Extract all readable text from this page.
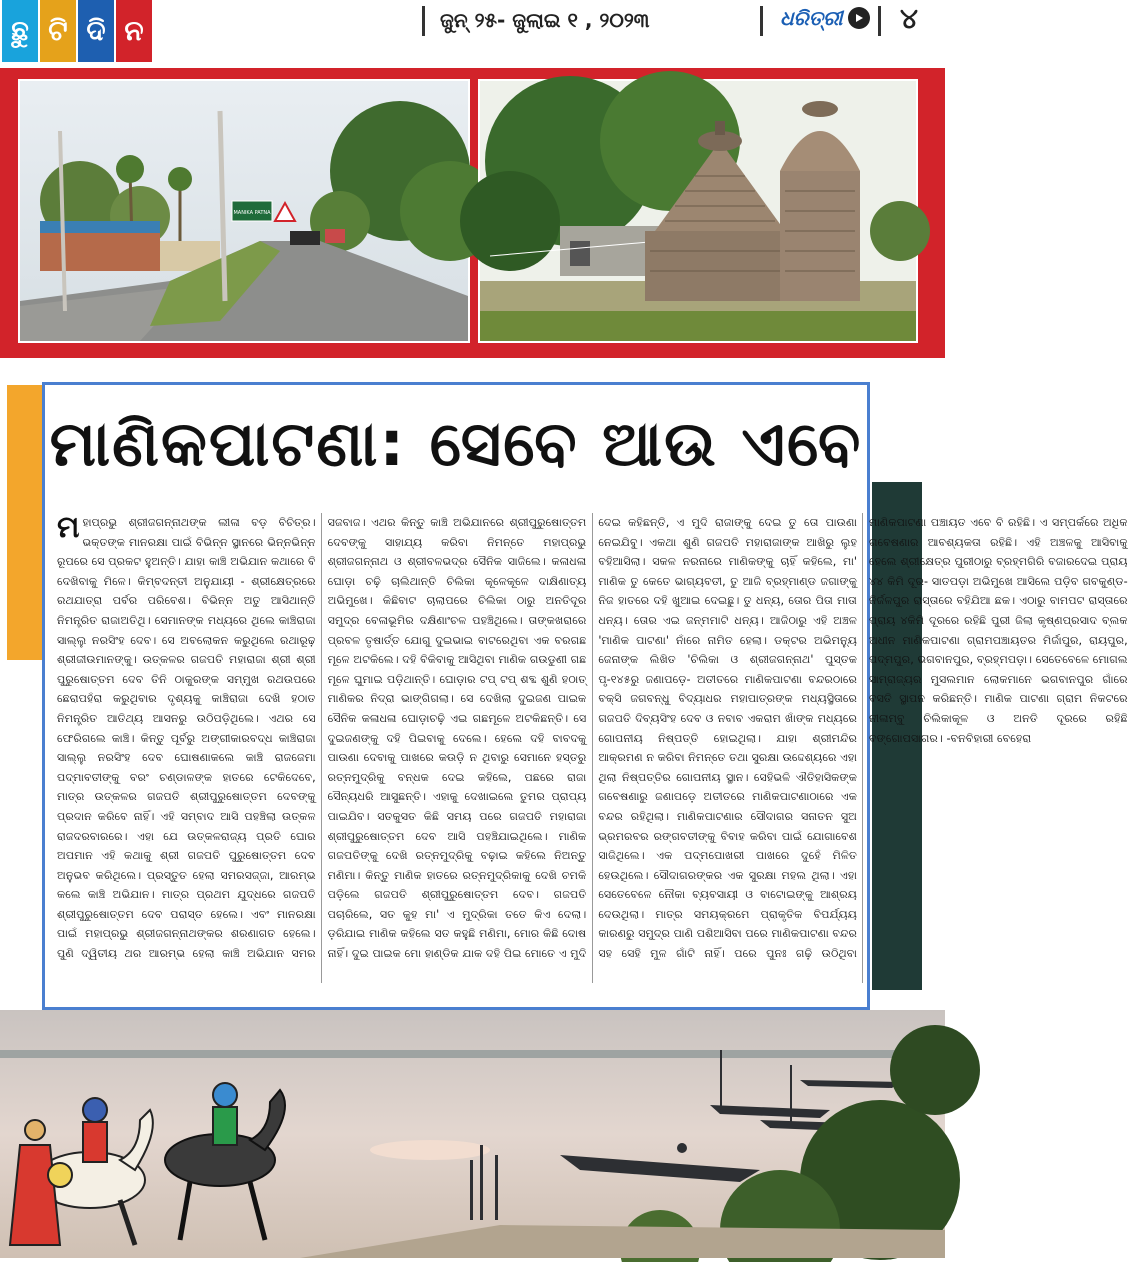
ଛୁ ଟି ଦି ନ	ଜୁନ୍ ୨୫- ଜୁଲାଇ ୧ , ୨୦୨୩	ଧରିତ୍ରୀ ୪
MANIKA PATNA
ମାଣିକପାଟଣା: ସେବେ ଆଉ ଏବେ

ମହାପ୍ରଭୁ ଶ୍ରୀଜଗନ୍ନାଥଙ୍କ ଲୀଳା ବଡ଼ ବିଚିତ୍ର। ଭକ୍ତଙ୍କ ମାନରକ୍ଷା ପାଇଁ ବିଭିନ୍ନ ସ୍ଥାନରେ ଭିନ୍ନଭିନ୍ନ ରୂପରେ ସେ ପ୍ରକଟ ହୁଅନ୍ତି। ଯାହା କାଞ୍ଚି ଅଭିଯାନ କଥାରେ ବି ଦେଖିବାକୁ ମିଳେ। କିମ୍ବଦନ୍ତୀ ଅନୁଯାୟୀ - ଶ୍ରୀକ୍ଷେତ୍ରରେ ରଥଯାତ୍ରା ପର୍ବର ପରିବେଶ। ବିଭିନ୍ନ ଅତୁ ଆସିଥାନ୍ତି ନିମନ୍ତ୍ରିତ ରାଜାଅତିଥି। ସେମାନଙ୍କ ମଧ୍ୟରେ ଥିଲେ କାଞ୍ଚିରାଜା ସାଲ୍ଲୁ ନରସିଂହ ଦେବ। ସେ ଅବଲୋକନ କରୁଥିଲେ ରଥାରୂଢ଼ ଶ୍ରୀଜୀଉମାନଙ୍କୁ। ଉତ୍କଳର ଗଜପତି ମହାରାଜା ଶ୍ରୀ ଶ୍ରୀ ପୁରୁଷୋତ୍ତମ ଦେବ ତିନି ଠାକୁରଙ୍କ ସମ୍ମୁଖ ରଥଉପରେ ଛେରାପହଁରା କରୁଥିବାର ଦୃଶ୍ୟକୁ କାଞ୍ଚିରାଜା ଦେଖି ହଠାତ ନିମନ୍ତ୍ରିତ ଆତିଥ୍ୟ ଆସନରୁ ଉଠିପଡ଼ିଥିଲେ। ଏଥର ସେ ଫେରିଗଲେ କାଞ୍ଚି। କିନ୍ତୁ ପୂର୍ବରୁ ଅଙ୍ଗୀକାରବଦ୍ଧ କାଞ୍ଚିରାଜା ସାଲ୍ଲୁ ନରସିଂହ ଦେବ ଘୋଷଣାକଲେ କାଞ୍ଚି ରାଜଜେମା ପଦ୍ମାବତୀଙ୍କୁ ବରଂ ଚଣ୍ଡାଳଙ୍କ ହାତରେ ଟେକିଦେବେ, ମାତ୍ର ଉତ୍କଳର ଗଜପତି ଶ୍ରୀପୁରୁଷୋତ୍ତମ ଦେବଙ୍କୁ ପ୍ରଦାନ କରିବେ ନାହିଁ। ଏହି ସମ୍ବାଦ ଆସି ପହଞ୍ଚିଲା ଉତ୍କଳ ରାଜଦରବାରରେ। ଏହା ଯେ ଉତ୍କଳରାଜ୍ୟ ପ୍ରତି ଘୋର ଅପମାନ ଏହି କଥାକୁ ଶ୍ରୀ ଗଜପତି ପୁରୁଷୋତ୍ତମ ଦେବ ଅନୁଭବ କରିଥିଲେ। ପ୍ରସ୍ତୁତ ହେଲା ସମରସଜ୍ଜା, ଆରମ୍ଭ କଲେ କାଞ୍ଚି ଅଭିଯାନ। ମାତ୍ର ପ୍ରଥମ ଯୁଦ୍ଧରେ ଗଜପତି ଶ୍ରୀପୁରୁଷୋତ୍ତମ ଦେବ ପରାସ୍ତ ହେଲେ। ଏବଂ ମାନରକ୍ଷା ପାଇଁ ମହାପ୍ରଭୁ ଶ୍ରୀଜଗନ୍ନାଥଙ୍କର ଶରଣାଗତ ହେଲେ। ପୁଣି ଦ୍ୱିତୀୟ ଥର ଆରମ୍ଭ ହେଲା କାଞ୍ଚି ଅଭିଯାନ ସମର ସଜବାଜ। ଏଥର କିନ୍ତୁ କାଞ୍ଚି ଅଭିଯାନରେ ଶ୍ରୀପୁରୁଷୋତ୍ତମ ଦେବଙ୍କୁ ସାହାଯ୍ୟ କରିବା ନିମନ୍ତେ ମହାପ୍ରଭୁ ଶ୍ରୀଜଗନ୍ନାଥ ଓ ଶ୍ରୀବଳଭଦ୍ର ସୈନିକ ସାଜିଲେ। କଳାଧଳା ଘୋଡ଼ା ଚଢ଼ି ଚାଲିଥାନ୍ତି ଚିଲିକା କୂଳେକୂଳେ ଦାକ୍ଷିଣାତ୍ୟ ଅଭିମୁଖେ। କିଛିବାଟ ଚାଲାପରେ ଚିଲିକା ଠାରୁ ଅନତିଦୂର ସମୁଦ୍ର ବେଳାଭୂମିର ଦକ୍ଷିଣାଂଚଳ ପହଞ୍ଚିଥିଲେ। ତାଙ୍କଖରାରେ ପ୍ରବଳ ତୃଷାର୍ତ୍ତ ଯୋଗୁ ଦୁଇଭାଇ ବାଟରେଥିବା ଏକ ବରଗଛ ମୂଳେ ଅଟକିଲେ। ଦହି ବିକିବାକୁ ଆସିଥିବା ମାଣିକ ଗଉଡୁଣୀ ଗଛ ମୂଳେ ଘୁମାଇ ପଡ଼ିଥାନ୍ତି। ଘୋଡ଼ାର ଟପ୍ ଟପ୍ ଶବ୍ଦ ଶୁଣି ହଠାତ୍ ମାଣିକର ନିଦ୍ରା ଭାଙ୍ଗିଗଲା। ସେ ଦେଖିଲା ଦୁଇଜଣ ପାଇକ ସୈନିକ କଳାଧଳା ଘୋଡ଼ାଚଢ଼ି ଏଇ ଗଛମୂଳେ ଅଟକିଛନ୍ତି। ସେ ଦୁଇଜଣଙ୍କୁ ଦହି ପିଇବାକୁ ଦେଲେ। ହେଲେ ଦହି ବାବଦକୁ ପାଉଣା ଦେବାକୁ ପାଖରେ କଉଡ଼ି ନ ଥିବାରୁ ସେମାନେ ହସ୍ତରୁ ରତ୍ନମୁଦ୍ରିକୁ ବନ୍ଧକ ଦେଇ କହିଲେ, ପଛରେ ରାଜା ସୈନ୍ୟଧରି ଆସୁଛନ୍ତି। ଏହାକୁ ଦେଖାଇଲେ ତୁମର ପ୍ରାପ୍ୟ ପାଇଯିବ। ସତକୁସତ କିଛି ସମୟ ପରେ ଗଜପତି ମହାରାଜା ଶ୍ରୀପୁରୁଷୋତ୍ତମ ଦେବ ଆସି ପହଞ୍ଚିଯାଇଥିଲେ। ମାଣିକ ଗଜପତିଙ୍କୁ ଦେଖି ରତ୍ନମୁଦ୍ରିକୁ ବଢ଼ାଇ କହିଲେ ନିଅନ୍ତୁ ମଣିମା। କିନ୍ତୁ ମାଣିକ ହାତରେ ରତ୍ନମୁଦ୍ରିକାକୁ ଦେଖି ଚମକି ପଡ଼ିଲେ ଗଜପତି ଶ୍ରୀପୁରୁଷୋତ୍ତମ ଦେବ। ଗଜପତି ପଚାରିଲେ, ସତ କୁହ ମା' ଏ ମୁଦ୍ରିକା ତତେ କିଏ ଦେଲା। ଡ଼ରିଯାଇ ମାଣିକ କହିଲେ ସତ କହୁଛି ମଣିମା, ମୋର କିଛି ଦୋଷ ନାହିଁ। ଦୁଇ ପାଇକ ମୋ ହାଣ୍ଡିକ ଯାକ ଦହି ପିଇ ମୋତେ ଏ ମୁଦି ଦେଇ କହିଛନ୍ତି, ଏ ମୁଦି ରାଜାଙ୍କୁ ଦେଇ ତୁ ତୋ ପାଉଣା ନେଇଯିବୁ। ଏକଥା ଶୁଣି ଗଜପତି ମହାରାଜାଙ୍କ ଆଖିରୁ ଲୁହ ବହିଆସିଲା। ସକଳ ନରନାରେ ମାଣିକଙ୍କୁ ଚାହିଁ କହିଲେ, ମା' ମାଣିକ ତୁ କେତେ ଭାଗ୍ୟବତୀ, ତୁ ଆଜି ବ୍ରହ୍ମାଣ୍ଡ ଜଗାଙ୍କୁ ନିଜ ହାତରେ ଦହି ଖୁଆଇ ଦେଇଛୁ। ତୁ ଧନ୍ୟ, ତୋର ପିତା ମାତା ଧନ୍ୟ। ତୋର ଏଇ ଜନ୍ମମାଟି ଧନ୍ୟ। ଆଜିଠାରୁ ଏହି ଅଞ୍ଚଳ 'ମାଣିକ ପାଟଣା' ନାଁରେ ନାମିତ ହେଲା। ଡକ୍ଟର ଅଭିମନ୍ୟୁ ଜେନାଙ୍କ ଲିଖିତ 'ଚିଲିକା ଓ ଶ୍ରୀଜଗନ୍ନାଥ' ପୁସ୍ତକ ପୃ-୧୪୫ରୁ ଜଣାପଡ଼େ- ଅତୀତରେ ମାଣିକପାଟଣା ବନ୍ଦରଠାରେ ବକ୍ସି ଜଗବନ୍ଧୁ ବିଦ୍ୟାଧର ମହାପାତ୍ରଙ୍କ ମଧ୍ୟସ୍ଥିତାରେ ଗଜପତି ଦିବ୍ୟସିଂହ ଦେବ ଓ ନବାବ ଏକରାମ ଖାଁଙ୍କ ମଧ୍ୟରେ ଗୋପନୀୟ ନିଷ୍ପତ୍ତି ହୋଇଥିଲା। ଯାହା ଶ୍ରୀମନ୍ଦିର ଆକ୍ରମଣ ନ କରିବା ନିମନ୍ତେ ତଥା ସୁରକ୍ଷା ଉଦ୍ଦେଶ୍ୟରେ ଏହା ଥିଲା ନିଷ୍ପତ୍ତିର ଗୋପନୀୟ ସ୍ଥାନ। ସେହିଭଳି ଐତିହାସିକଙ୍କ ଗବେଷଣାରୁ ଜଣାପଡ଼େ ଅତୀତରେ ମାଣିକପାଟଣାଠାରେ ଏକ ବନ୍ଦର ରହିଥିଲା। ମାଣିକପାଟଣାର ସୌଦାଗର ସନାତନ ସୁଅ ଭ୍ରମରବର ରଙ୍ଗବତୀଙ୍କୁ ବିବାହ କରିବା ପାଇଁ ଯୋଗାବେଶ ସାଜିଥିଲେ। ଏକ ପଦ୍ମପୋଖରୀ ପାଖରେ ଦୁହେଁ ମିଳିତ ହେଉଥିଲେ। ସୌଦାଗରଙ୍କର ଏକ ସୁରକ୍ଷା ମହଲ ଥିଲା। ଏହା ସେତେବେଳେ ନୌକା ବ୍ୟବସାୟୀ ଓ ବାଟୋଇଙ୍କୁ ଆଶ୍ରୟ ଦେଉଥିଲା। ମାତ୍ର ସମୟକ୍ରମେ ପ୍ରାକୃତିକ ବିପର୍ଯ୍ୟୟ କାରଣରୁ ସମୁଦ୍ର ପାଣି ପଶିଆସିବା ପରେ ମାଣିକପାଟଣା ବନ୍ଦର ସହ ସେହି ମୁଳ ଗାଁଟି ନାହିଁ। ପରେ ପୁନଃ ଗଢ଼ି ଉଠିଥିବା ମାଣିକପାଟଣା ପଞ୍ଚାୟତ ଏବେ ବି ରହିଛି। ଏ ସମ୍ପର୍କରେ ଅଧିକ ଗବେଷଣାର ଆବଶ୍ୟକତା ରହିଛି। ଏହି ଅଞ୍ଚଳକୁ ଆସିବାକୁ ହେଲେ ଶ୍ରୀକ୍ଷେତ୍ର ପୁରୀଠାରୁ ବ୍ରହ୍ମଗିରି ବଜାରଦେଇ ପ୍ରାୟ ୪୪ କିମି ଦୂର- ସାତପଡ଼ା ଅଭିମୁଖେ ଆସିଲେ ପଡ଼ିବ ଗବକୁଣ୍ଡ-ନିର୍ଜଳପୁର ରାସ୍ତାରେ ବହିଯିଆ ଛକ। ଏଠାରୁ ବାମପଟ ରାସ୍ତାରେ ପ୍ରାୟ ୪କିମି ଦୂରରେ ରହିଛି ପୁରୀ ଜିଲା କୃଷ୍ଣପ୍ରସାଦ ବ୍ଲକ ଅଧୀନ ମାଣିକପାଟଣା ଗ୍ରାମପଞ୍ଚାୟତର ମିର୍ଜାପୁର, ରାୟପୁର, ପଦ୍ମପୁର, ଭଗବାନପୁର, ବ୍ରହ୍ମପଡ଼ା। ସେତେବେଳେ ମୋଗଲ ସାମ୍ରାଜ୍ୟର ମୁସଲମାନ ଲୋକମାନେ ଭଗବାନପୁର ଗାଁରେ ବସତି ସ୍ଥାପନ କରିଛନ୍ତି। ମାଣିକ ପାଟଣା ଗ୍ରାମ ନିକଟରେ ନୀଳାମ୍ବୁ ଚିଲିକାକୂଳ ଓ ଅନତି ଦୂରରେ ରହିଛି ବଙ୍ଗୋପସାଗର। -ବନବିହାରୀ ବେହେରା
